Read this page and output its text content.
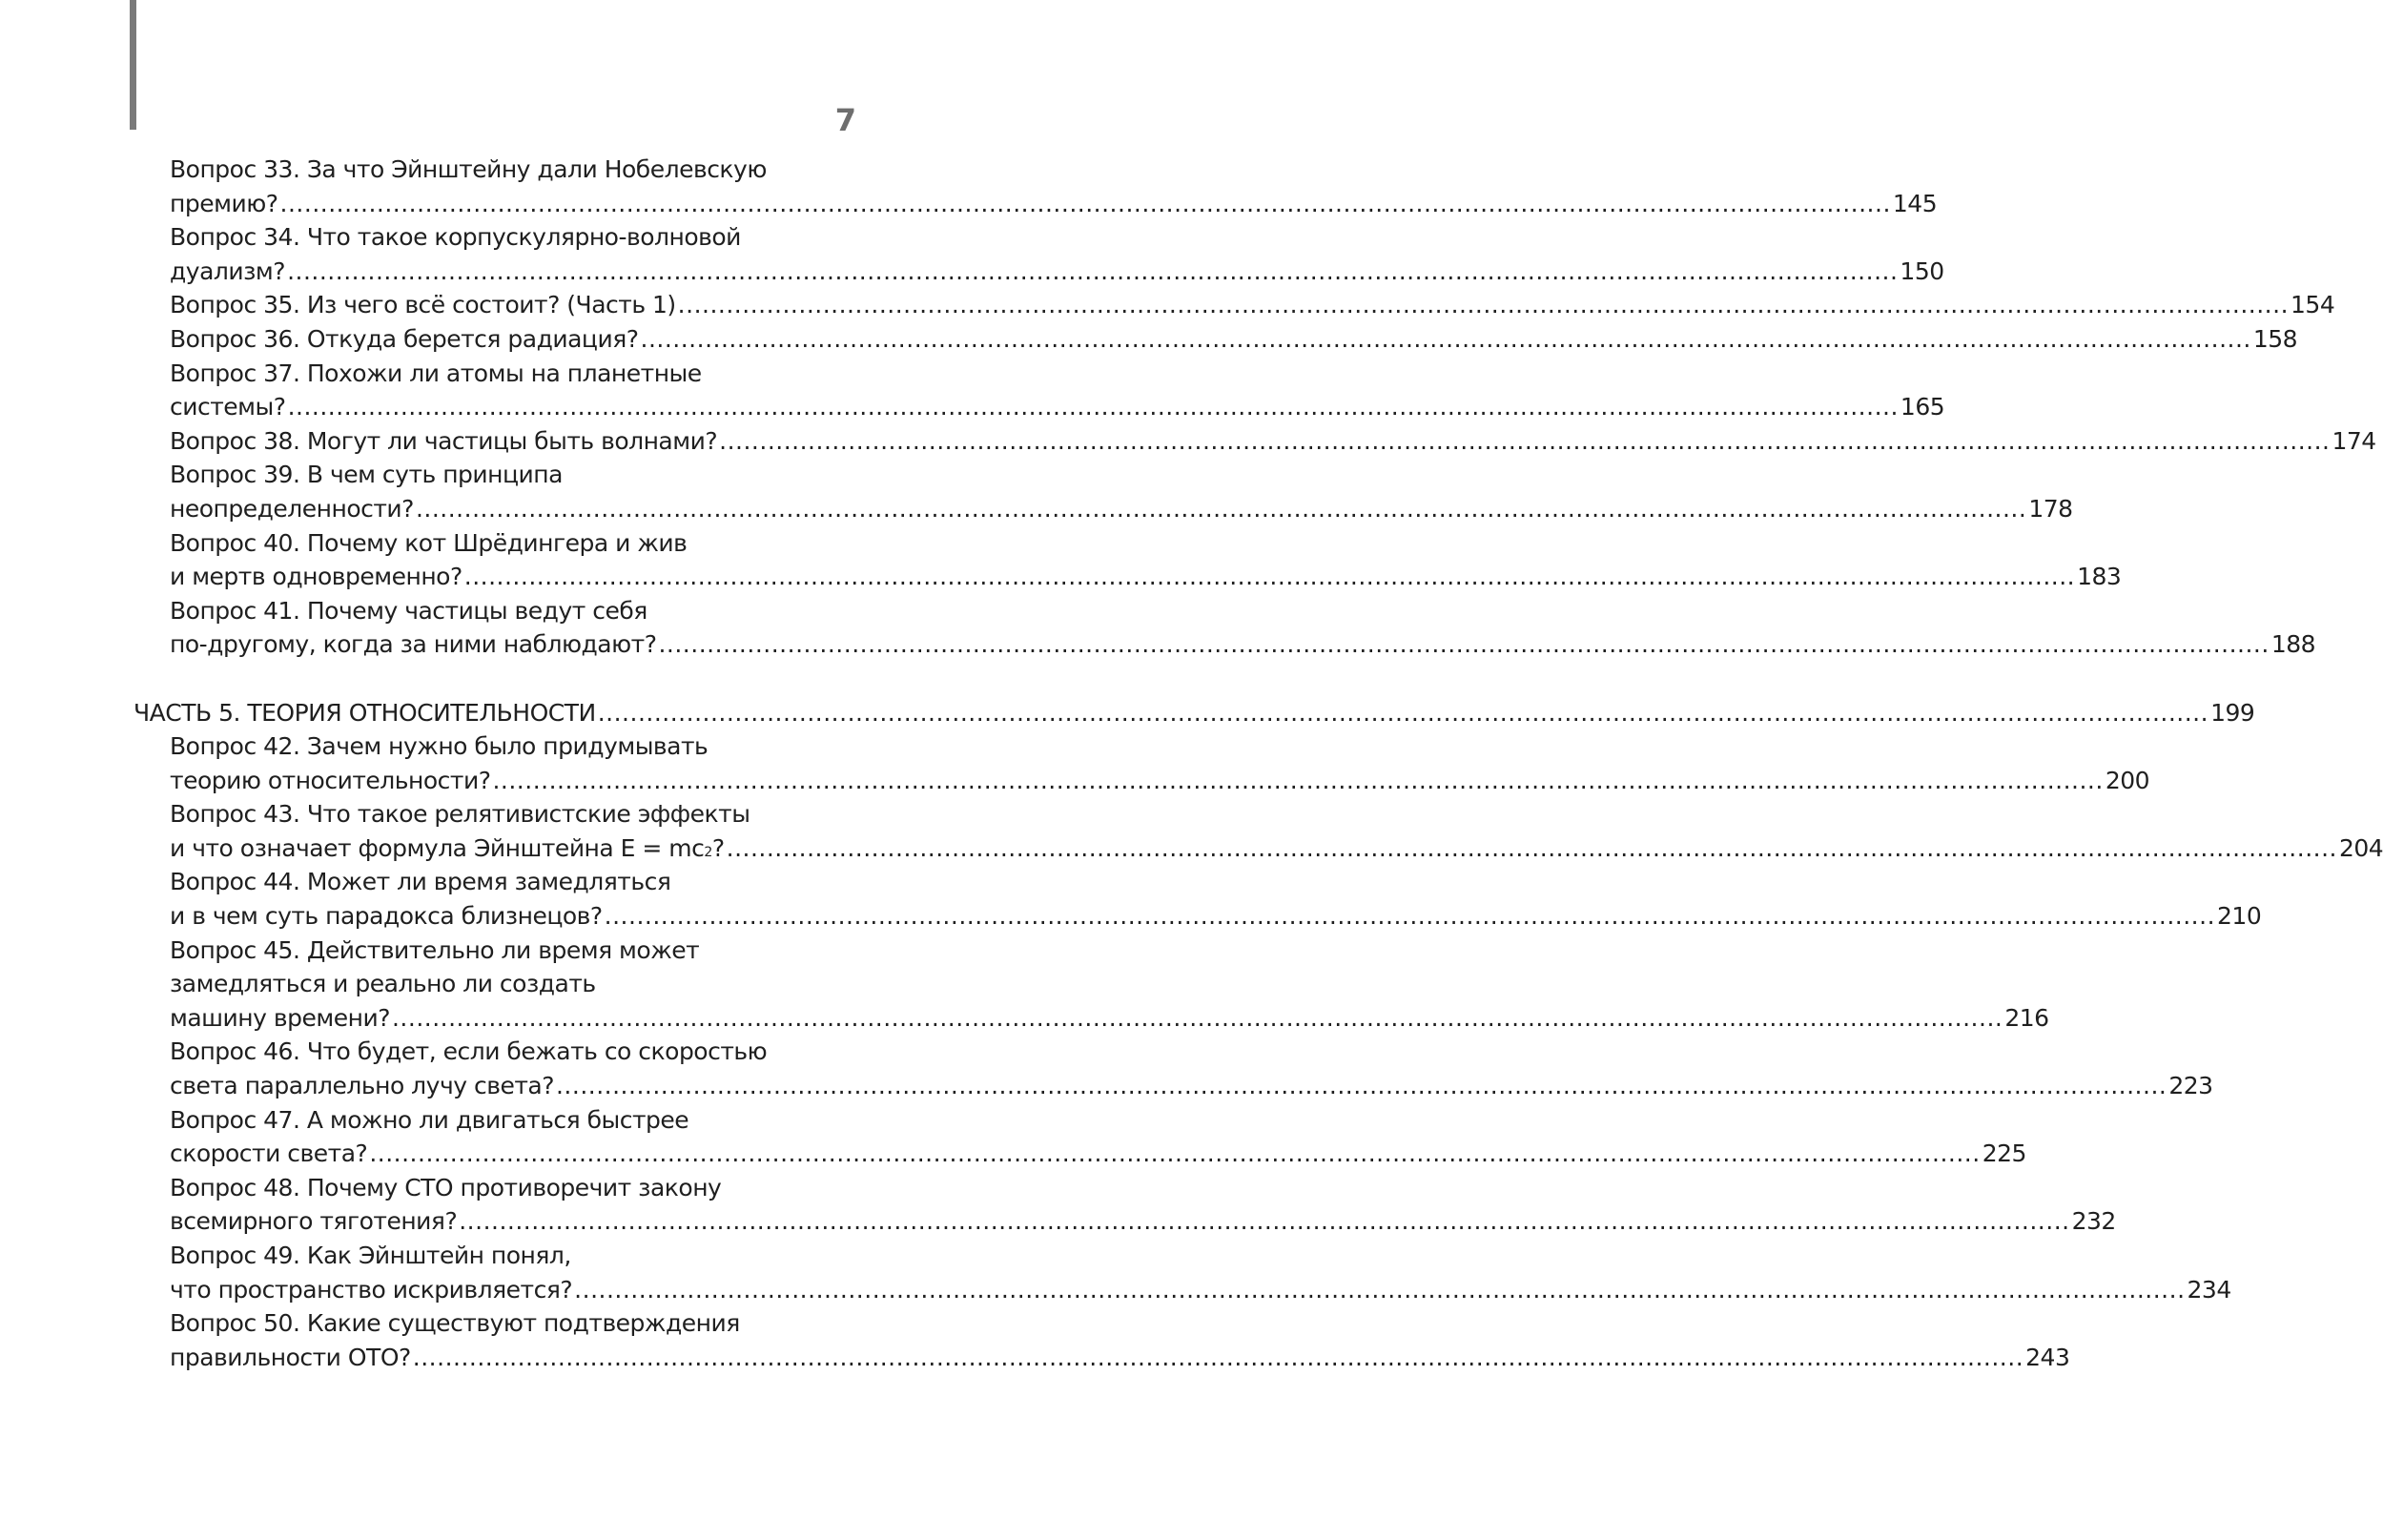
7
Вопрос 33. За что Эйнштейну дали Нобелевскую
премию? ........................................................................................................................................................................................................ 145
Вопрос 34. Что такое корпускулярно-волновой
дуализм? ........................................................................................................................................................................................................ 150
Вопрос 35. Из чего всё состоит? (Часть 1) ........................................................................................................................................................................................................ 154
Вопрос 36. Откуда берется радиация? ........................................................................................................................................................................................................ 158
Вопрос 37. Похожи ли атомы на планетные
системы? ........................................................................................................................................................................................................ 165
Вопрос 38. Могут ли частицы быть волнами? ........................................................................................................................................................................................................ 174
Вопрос 39. В чем суть принципа
неопределенности? ........................................................................................................................................................................................................ 178
Вопрос 40. Почему кот Шрёдингера и жив
и мертв одновременно? ........................................................................................................................................................................................................ 183
Вопрос 41. Почему частицы ведут себя
по-другому, когда за ними наблюдают? ........................................................................................................................................................................................................ 188
ЧАСТЬ 5. ТЕОРИЯ ОТНОСИТЕЛЬНОСТИ ........................................................................................................................................................................................................ 199
Вопрос 42. Зачем нужно было придумывать
теорию относительности? ........................................................................................................................................................................................................ 200
Вопрос 43. Что такое релятивистские эффекты
и что означает формула Эйнштейна E = mc 2 ? ........................................................................................................................................................................................................ 204
Вопрос 44. Может ли время замедляться
и в чем суть парадокса близнецов? ........................................................................................................................................................................................................ 210
Вопрос 45. Действительно ли время может
замедляться и реально ли создать
машину времени? ........................................................................................................................................................................................................ 216
Вопрос 46. Что будет, если бежать со скоростью
света параллельно лучу света? ........................................................................................................................................................................................................ 223
Вопрос 47. А можно ли двигаться быстрее
скорости света? ........................................................................................................................................................................................................ 225
Вопрос 48. Почему СТО противоречит закону
всемирного тяготения? ........................................................................................................................................................................................................ 232
Вопрос 49. Как Эйнштейн понял,
что пространство искривляется? ........................................................................................................................................................................................................ 234
Вопрос 50. Какие существуют подтверждения
правильности ОТО? ........................................................................................................................................................................................................ 243
